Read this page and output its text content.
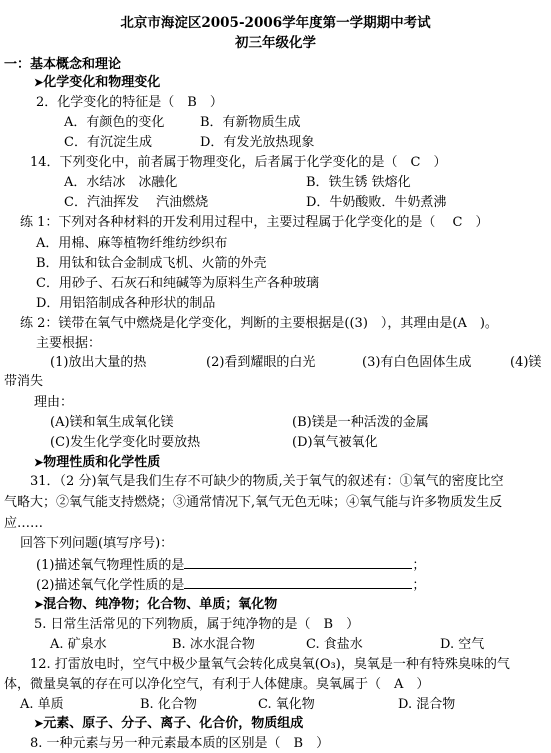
北京市海淀区2005-2006学年度第一学期期中考试
初三年级化学
一：基本概念和理论
➤化学变化和物理变化
2．化学变化的特征是（　B　）
A．有颜色的变化	B．有新物质生成
C．有沉淀生成	D．有发光放热现象
14．下列变化中，前者属于物理变化，后者属于化学变化的是（　C　）
A．水结冰　冰融化	B．铁生锈 铁熔化
C．汽油挥发　 汽油燃烧	D．牛奶酸败．牛奶煮沸
练 1：下列对各种材料的开发利用过程中，主要过程属于化学变化的是（　 C　）
A．用棉、麻等植物纤维纺纱织布
B．用钛和钛合金制成飞机、火箭的外壳
C．用砂子、石灰石和纯碱等为原料生产各种玻璃
D．用铝箔制成各种形状的制品
练 2：镁带在氧气中燃烧是化学变化，判断的主要根据是((3)　），其理由是(A　)。
主要根据：
(1)放出大量的热	(2)看到耀眼的白光	(3)有白色固体生成	(4)镁
带消失
理由：
(A)镁和氧生成氧化镁	(B)镁是一种活泼的金属
(C)发生化学变化时要放热	(D)氧气被氧化
➤物理性质和化学性质
31．（2 分)氧气是我们生存不可缺少的物质,关于氧气的叙述有：①氧气的密度比空
气略大；②氧气能支持燃烧；③通常情况下,氧气无色无味；④氧气能与许多物质发生反
应……
回答下列问题(填写序号)：
(1)描述氧气物理性质的是	；
(2)描述氧气化学性质的是	；
➤混合物、纯净物；化合物、单质；氧化物
5. 日常生活常见的下列物质，属于纯净物的是（　B　）
A. 矿泉水	B. 冰水混合物	C. 食盐水	D. 空气
12. 打雷放电时，空气中极少量氧气会转化成臭氧(O₃)，臭氧是一种有特殊臭味的气
体，微量臭氧的存在可以净化空气，有利于人体健康。臭氧属于（　A　）
A. 单质	B. 化合物	C. 氧化物	D. 混合物
➤元素、原子、分子、离子、化合价，物质组成
8. 一种元素与另一种元素最本质的区别是（　B　）
